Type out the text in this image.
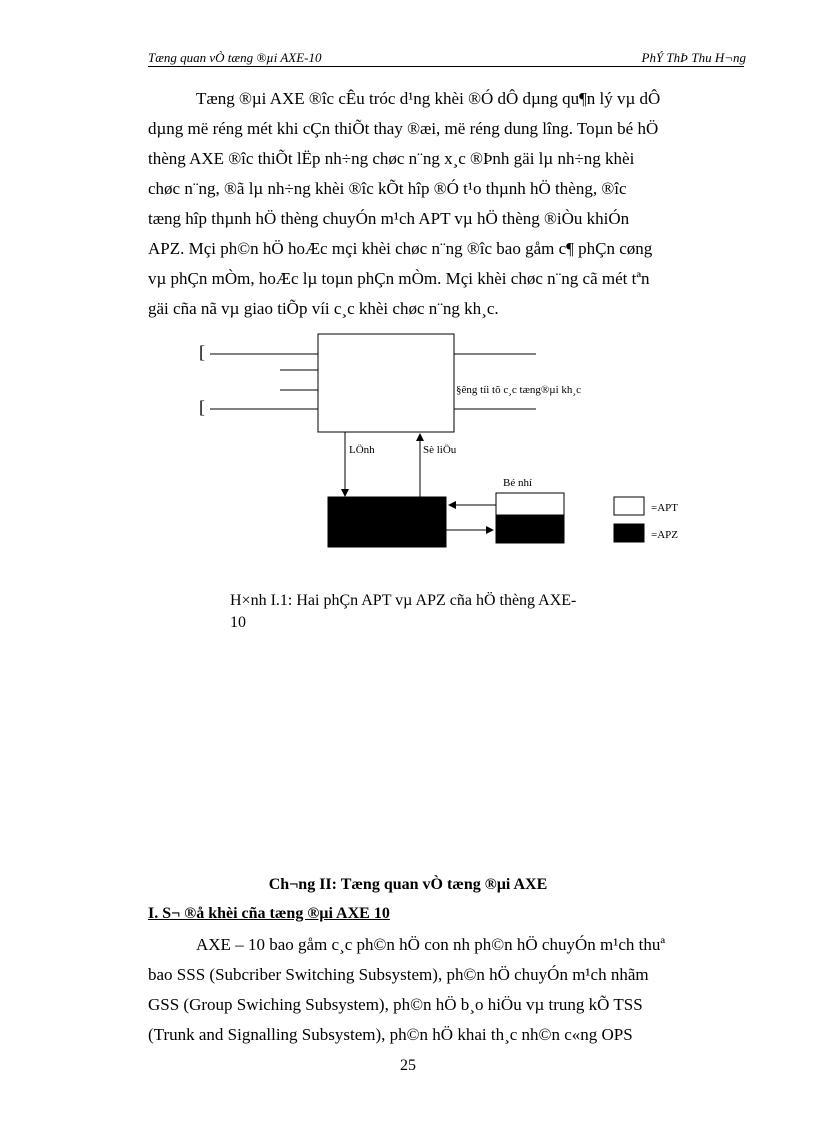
Tæng quan vÒ tæng ®µi AXE-10	PhÝ ThÞ Thu H¬ng
Tæng ®µi AXE ®îc cÊu tróc d¹ng khèi ®Ó dÔ dµng qu¶n lý vµ dÔ
dµng më réng mét khi cÇn thiÕt thay ®æi, më réng dung lîng. Toµn bé hÖ
thèng AXE ®îc thiÕt lËp nh÷ng chøc n¨ng x¸c ®Þnh gäi lµ nh÷ng khèi
chøc n¨ng, ®ã lµ nh÷ng khèi ®îc kÕt hîp ®Ó t¹o thµnh hÖ thèng, ®îc
tæng hîp thµnh hÖ thèng chuyÓn m¹ch APT vµ hÖ thèng ®iÒu khiÓn
APZ. Mçi ph©n hÖ hoÆc mçi khèi chøc n¨ng ®îc bao gåm c¶ phÇn cøng
vµ phÇn mÒm, hoÆc lµ toµn phÇn mÒm. Mçi khèi chøc n¨ng cã mét tªn
gäi cña nã vµ giao tiÕp víi c¸c khèi chøc n¨ng kh¸c.
[
[
§êng tíi tõ c¸c tæng®µi kh¸c
LÖnh	Sè liÖu
Bé nhí
=APT
=APZ
H×nh I.1: Hai phÇn APT vµ APZ cña hÖ thèng AXE-
10
Ch¬ng II: Tæng quan vÒ tæng ®µi AXE
I. S¬ ®å khèi cña tæng ®µi AXE 10
AXE – 10 bao gåm c¸c ph©n hÖ con nh ph©n hÖ chuyÓn m¹ch thuª
bao SSS (Subcriber Switching Subsystem), ph©n hÖ chuyÓn m¹ch nhãm
GSS (Group Swiching Subsystem), ph©n hÖ b¸o hiÖu vµ trung kÕ TSS
(Trunk and Signalling Subsystem), ph©n hÖ khai th¸c nh©n c«ng OPS
25
